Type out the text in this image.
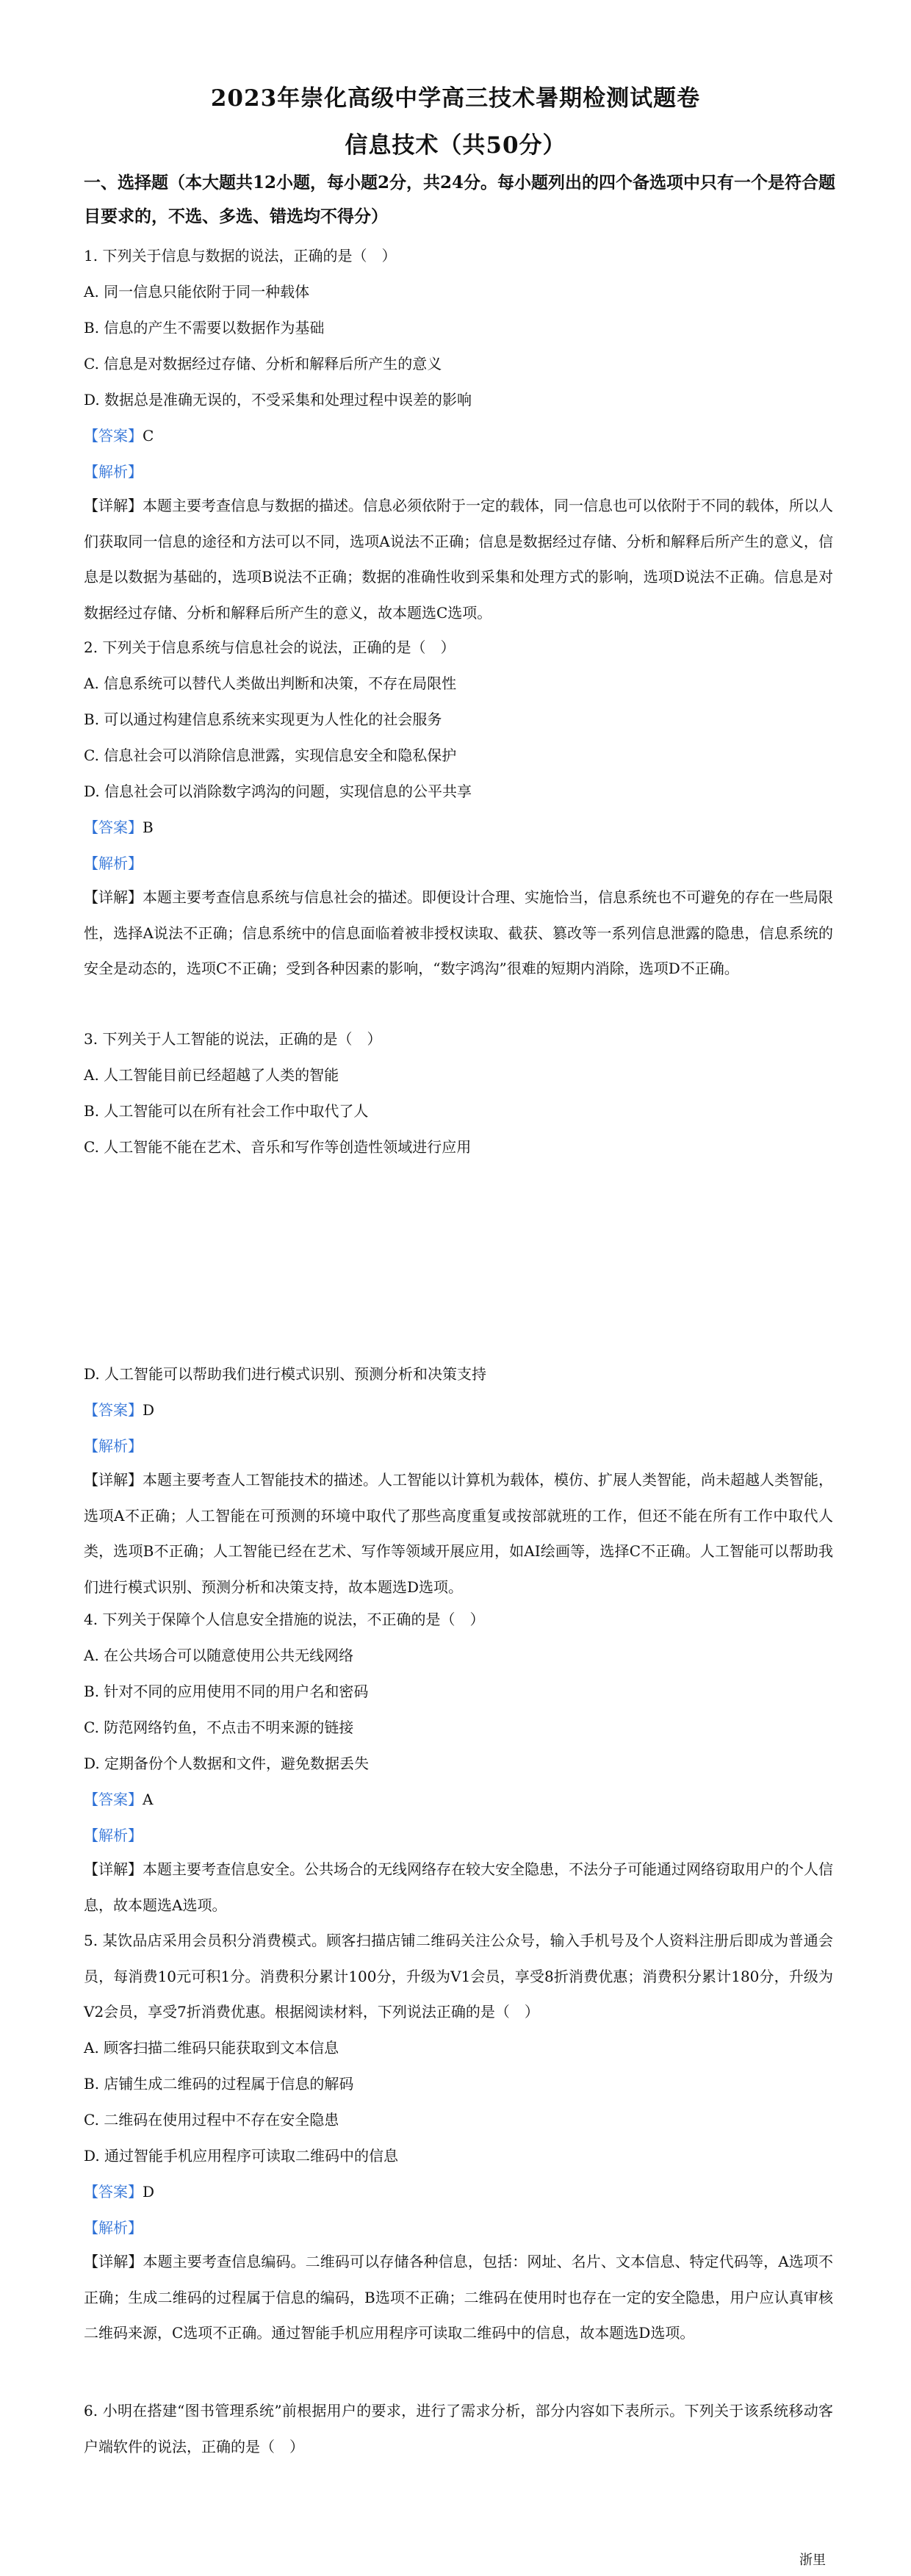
2023年崇化高级中学高三技术暑期检测试题卷
信息技术（共50分）
一、选择题（本大题共12小题，每小题2分，共24分。每小题列出的四个备选项中只有一个是符合题目要求的，不选、多选、错选均不得分）
1. 下列关于信息与数据的说法，正确的是（　）
A. 同一信息只能依附于同一种载体
B. 信息的产生不需要以数据作为基础
C. 信息是对数据经过存储、分析和解释后所产生的意义
D. 数据总是准确无误的，不受采集和处理过程中误差的影响
【答案】C
【解析】
【详解】本题主要考查信息与数据的描述。信息必须依附于一定的载体，同一信息也可以依附于不同的载体，所以人们获取同一信息的途径和方法可以不同，选项A说法不正确；信息是数据经过存储、分析和解释后所产生的意义，信息是以数据为基础的，选项B说法不正确；数据的准确性收到采集和处理方式的影响，选项D说法不正确。信息是对数据经过存储、分析和解释后所产生的意义，故本题选C选项。
2. 下列关于信息系统与信息社会的说法，正确的是（　）
A. 信息系统可以替代人类做出判断和决策，不存在局限性
B. 可以通过构建信息系统来实现更为人性化的社会服务
C. 信息社会可以消除信息泄露，实现信息安全和隐私保护
D. 信息社会可以消除数字鸿沟的问题，实现信息的公平共享
【答案】B
【解析】
【详解】本题主要考查信息系统与信息社会的描述。即便设计合理、实施恰当，信息系统也不可避免的存在一些局限性，选择A说法不正确；信息系统中的信息面临着被非授权读取、截获、篡改等一系列信息泄露的隐患，信息系统的安全是动态的，选项C不正确；受到各种因素的影响，“数字鸿沟”很难的短期内消除，选项D不正确。
3. 下列关于人工智能的说法，正确的是（　）
A. 人工智能目前已经超越了人类的智能
B. 人工智能可以在所有社会工作中取代了人
C. 人工智能不能在艺术、音乐和写作等创造性领域进行应用
D. 人工智能可以帮助我们进行模式识别、预测分析和决策支持
【答案】D
【解析】
【详解】本题主要考查人工智能技术的描述。人工智能以计算机为载体，模仿、扩展人类智能，尚未超越人类智能，选项A不正确；人工智能在可预测的环境中取代了那些高度重复或按部就班的工作，但还不能在所有工作中取代人类，选项B不正确；人工智能已经在艺术、写作等领域开展应用，如AI绘画等，选择C不正确。人工智能可以帮助我们进行模式识别、预测分析和决策支持，故本题选D选项。
4. 下列关于保障个人信息安全措施的说法，不正确的是（　）
A. 在公共场合可以随意使用公共无线网络
B. 针对不同的应用使用不同的用户名和密码
C. 防范网络钓鱼，不点击不明来源的链接
D. 定期备份个人数据和文件，避免数据丢失
【答案】A
【解析】
【详解】本题主要考查信息安全。公共场合的无线网络存在较大安全隐患，不法分子可能通过网络窃取用户的个人信息，故本题选A选项。
5. 某饮品店采用会员积分消费模式。顾客扫描店铺二维码关注公众号，输入手机号及个人资料注册后即成为普通会员，每消费10元可积1分。消费积分累计100分，升级为V1会员，享受8折消费优惠；消费积分累计180分，升级为V2会员，享受7折消费优惠。根据阅读材料，下列说法正确的是（　）
A. 顾客扫描二维码只能获取到文本信息
B. 店铺生成二维码的过程属于信息的解码
C. 二维码在使用过程中不存在安全隐患
D. 通过智能手机应用程序可读取二维码中的信息
【答案】D
【解析】
【详解】本题主要考查信息编码。二维码可以存储各种信息，包括：网址、名片、文本信息、特定代码等，A选项不正确；生成二维码的过程属于信息的编码，B选项不正确；二维码在使用时也存在一定的安全隐患，用户应认真审核二维码来源，C选项不正确。通过智能手机应用程序可读取二维码中的信息，故本题选D选项。
6. 小明在搭建“图书管理系统”前根据用户的要求，进行了需求分析，部分内容如下表所示。下列关于该系统移动客户端软件的说法，正确的是（　）
浙里
